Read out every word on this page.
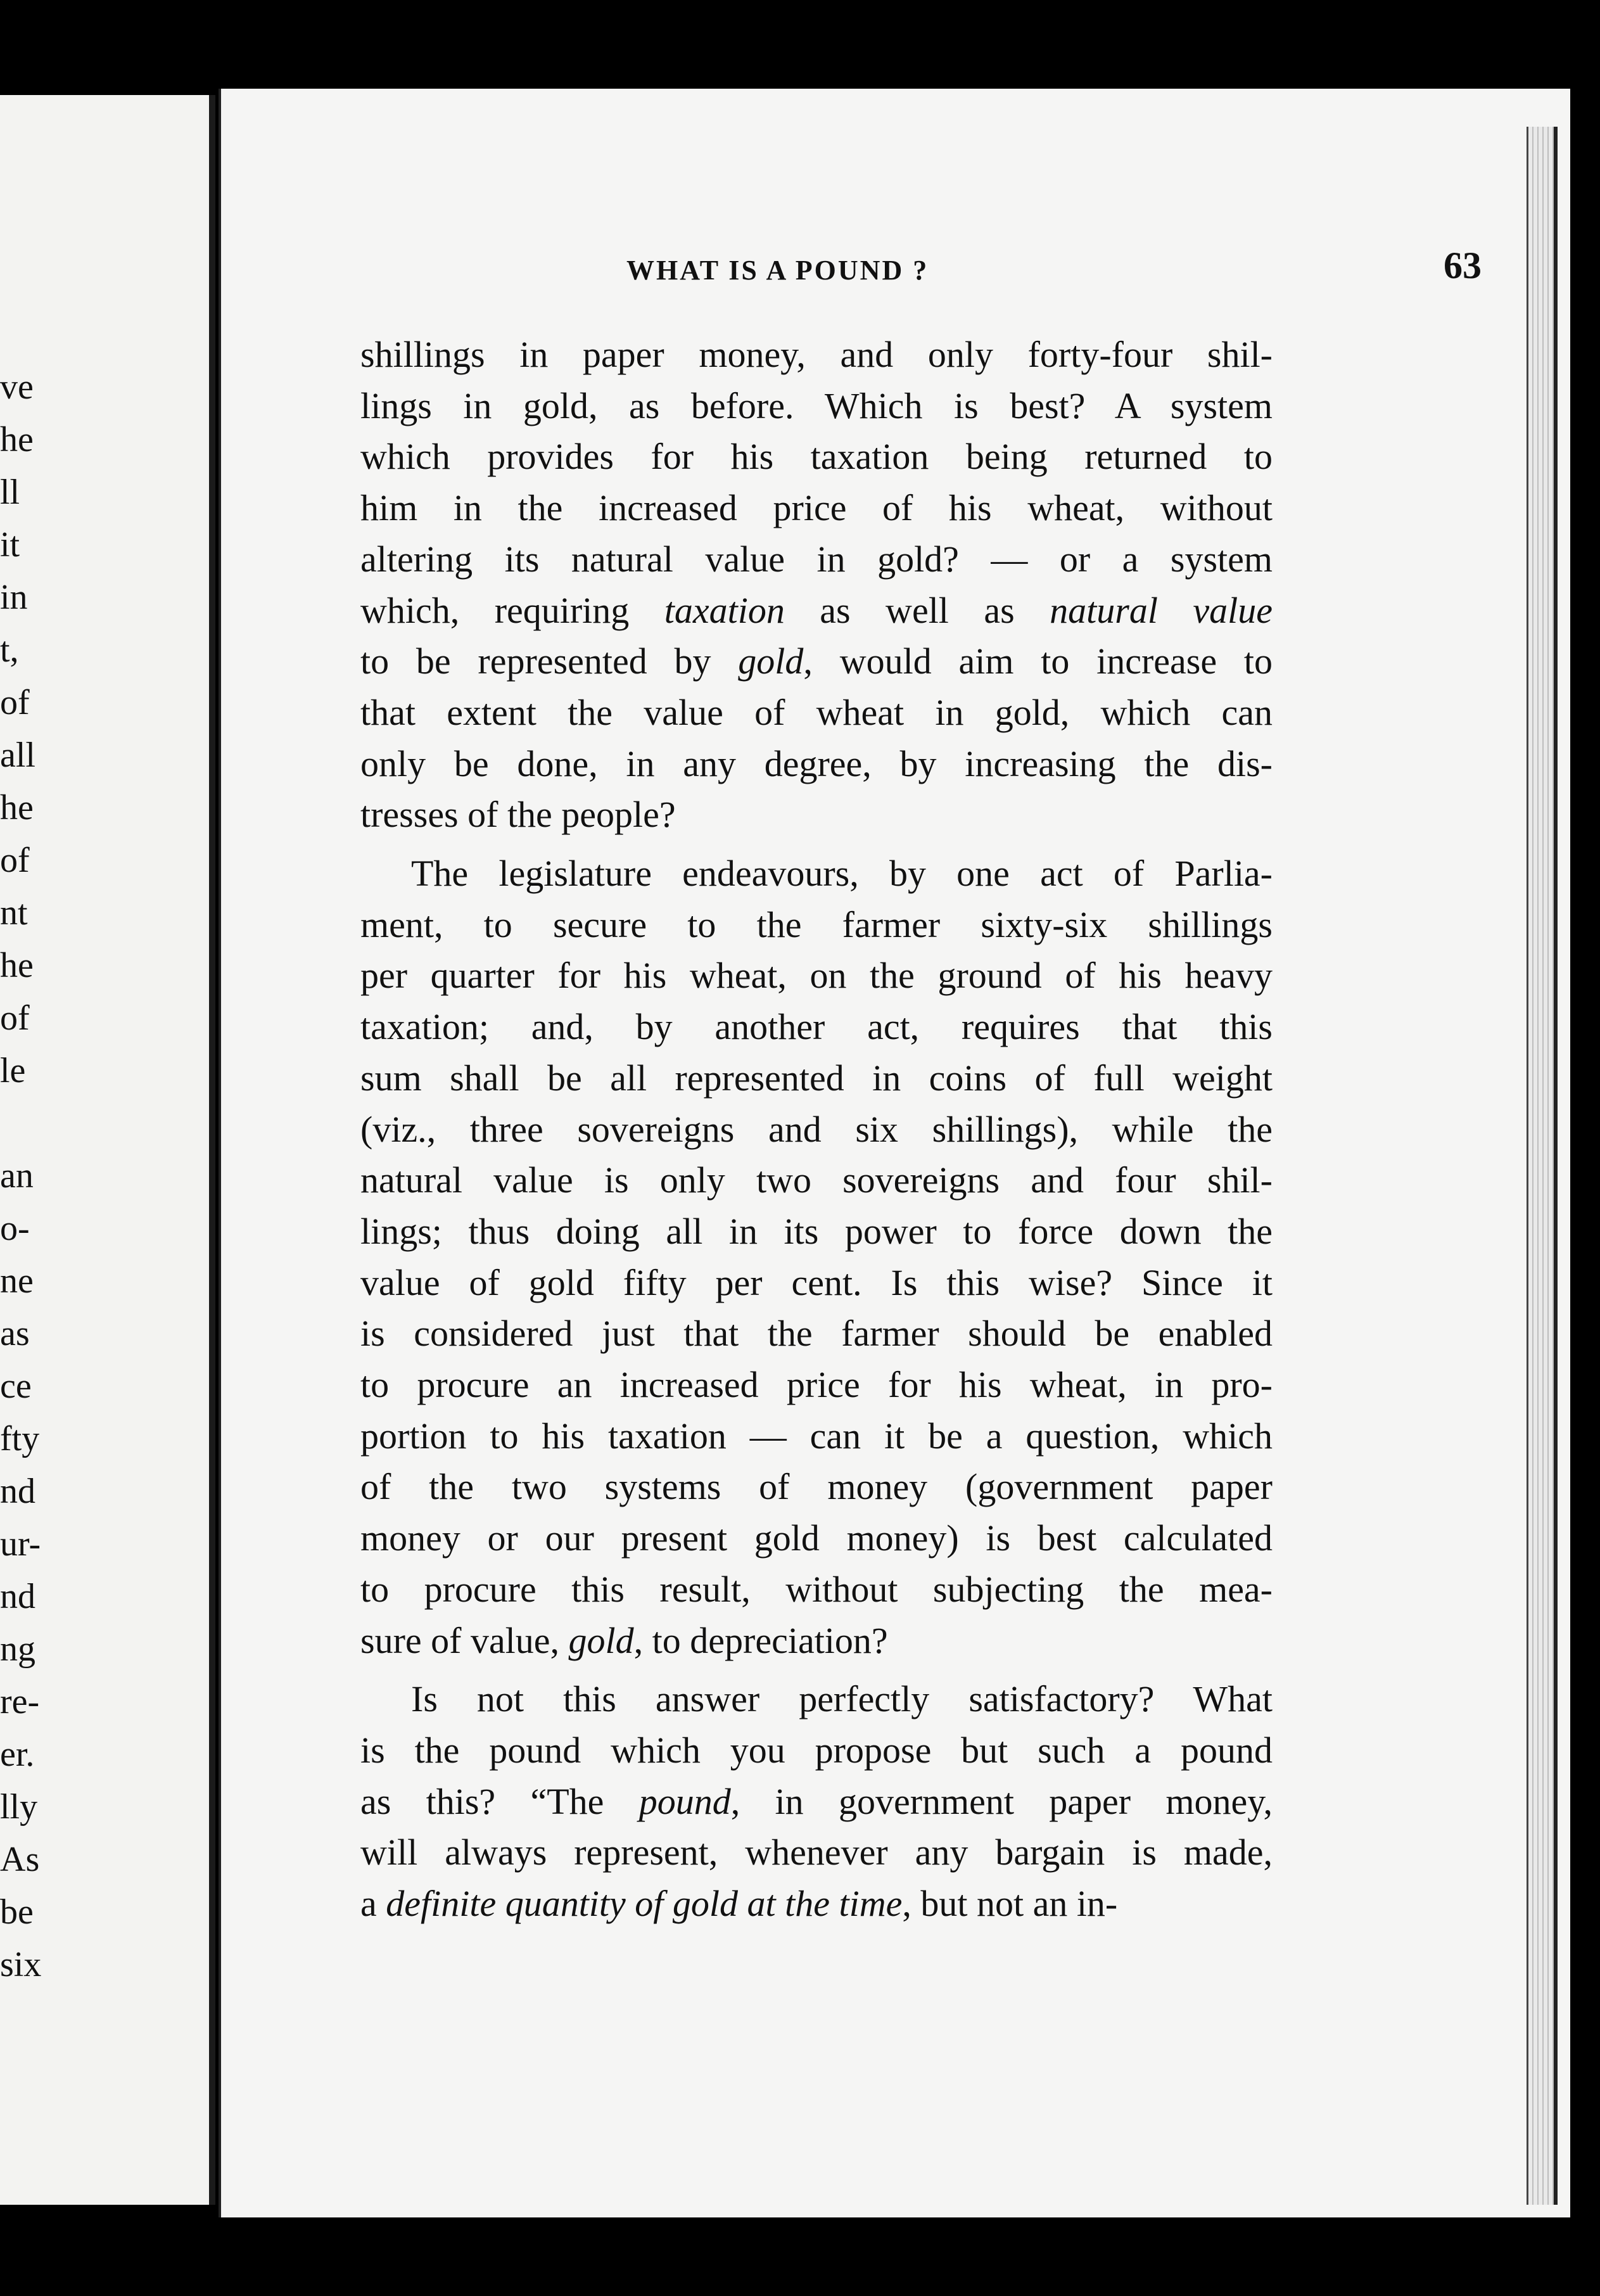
ve
he
ll
it
in
t,
of
all
he
of
nt
he
of
le

an
o-
ne
as
ce
fty
nd
ur-
nd
ng
re-
er.
lly
As
be
six
WHAT IS A POUND ?	63
shillings in paper money, and only forty-four shil-
lings in gold, as before. Which is best? A system
which provides for his taxation being returned to
him in the increased price of his wheat, without
altering its natural value in gold? — or a system
which, requiring taxation as well as natural value
to be represented by gold, would aim to increase to
that extent the value of wheat in gold, which can
only be done, in any degree, by increasing the dis-
tresses of the people?
The legislature endeavours, by one act of Parlia-
ment, to secure to the farmer sixty-six shillings
per quarter for his wheat, on the ground of his heavy
taxation; and, by another act, requires that this
sum shall be all represented in coins of full weight
(viz., three sovereigns and six shillings), while the
natural value is only two sovereigns and four shil-
lings; thus doing all in its power to force down the
value of gold fifty per cent. Is this wise? Since it
is considered just that the farmer should be enabled
to procure an increased price for his wheat, in pro-
portion to his taxation — can it be a question, which
of the two systems of money (government paper
money or our present gold money) is best calculated
to procure this result, without subjecting the mea-
sure of value, gold, to depreciation?
Is not this answer perfectly satisfactory? What
is the pound which you propose but such a pound
as this? “The pound, in government paper money,
will always represent, whenever any bargain is made,
a definite quantity of gold at the time, but not an in-
